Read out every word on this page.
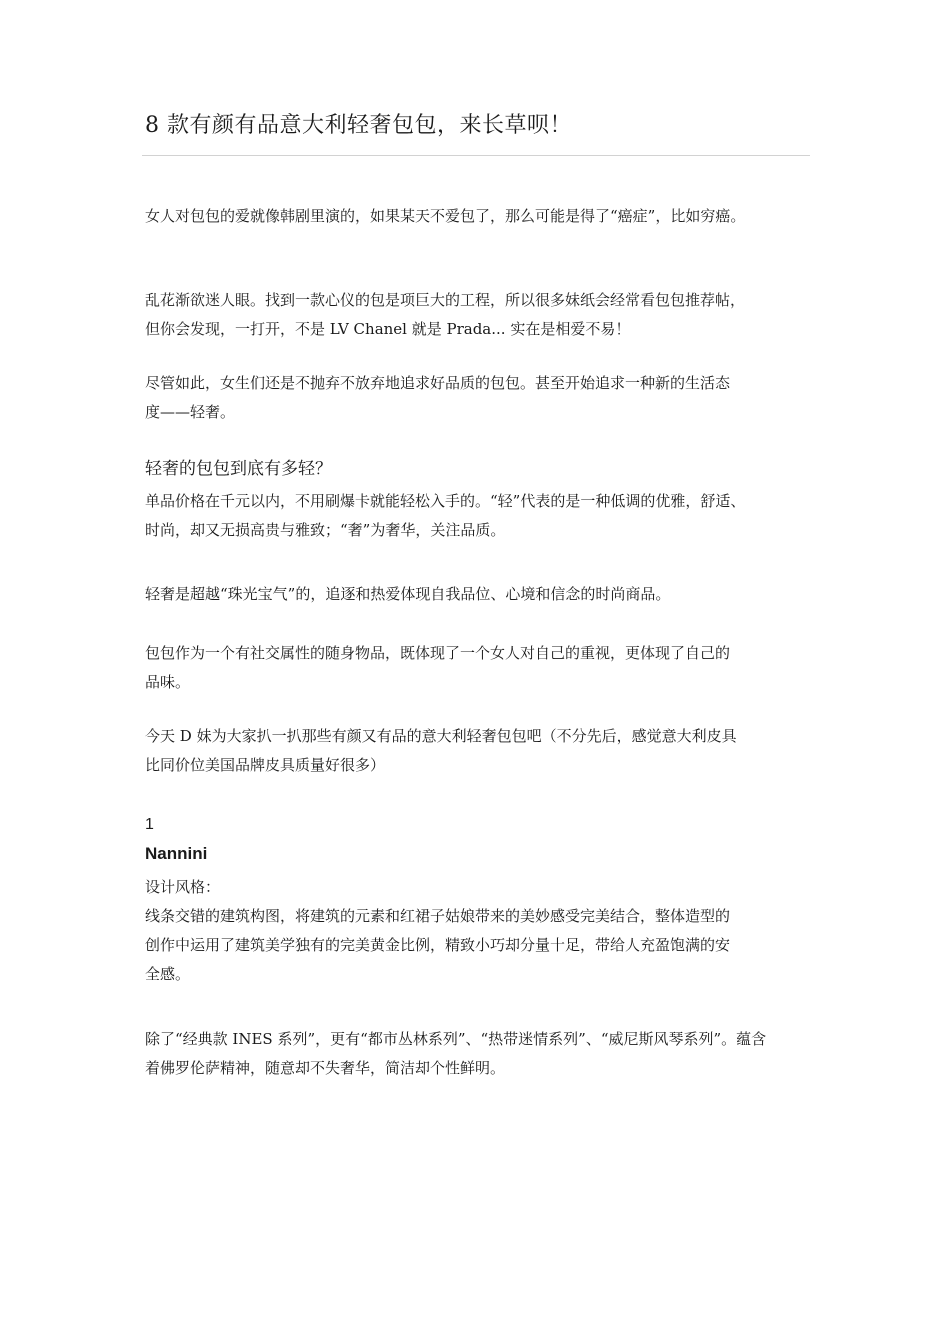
8 款有颜有品意大利轻奢包包，来长草呗！

女人对包包的爱就像韩剧里演的，如果某天不爱包了，那么可能是得了“癌症”，比如穷癌。

乱花渐欲迷人眼。找到一款心仪的包是项巨大的工程，所以很多妹纸会经常看包包推荐帖，
但你会发现，一打开，不是 LV Chanel 就是 Prada... 实在是相爱不易！

尽管如此，女生们还是不抛弃不放弃地追求好品质的包包。甚至开始追求一种新的生活态
度——轻奢。

轻奢的包包到底有多轻？

单品价格在千元以内，不用刷爆卡就能轻松入手的。“轻”代表的是一种低调的优雅，舒适、
时尚，却又无损高贵与雅致；“奢”为奢华，关注品质。

轻奢是超越“珠光宝气”的，追逐和热爱体现自我品位、心境和信念的时尚商品。

包包作为一个有社交属性的随身物品，既体现了一个女人对自己的重视，更体现了自己的
品味。

今天 D 妹为大家扒一扒那些有颜又有品的意大利轻奢包包吧（不分先后，感觉意大利皮具
比同价位美国品牌皮具质量好很多）

1

Nannini

设计风格：

线条交错的建筑构图，将建筑的元素和红裙子姑娘带来的美妙感受完美结合，整体造型的
创作中运用了建筑美学独有的完美黄金比例，精致小巧却分量十足，带给人充盈饱满的安
全感。

除了“经典款 INES 系列”，更有“都市丛林系列”、“热带迷情系列”、“威尼斯风琴系列”。蕴含
着佛罗伦萨精神，随意却不失奢华，简洁却个性鲜明。
